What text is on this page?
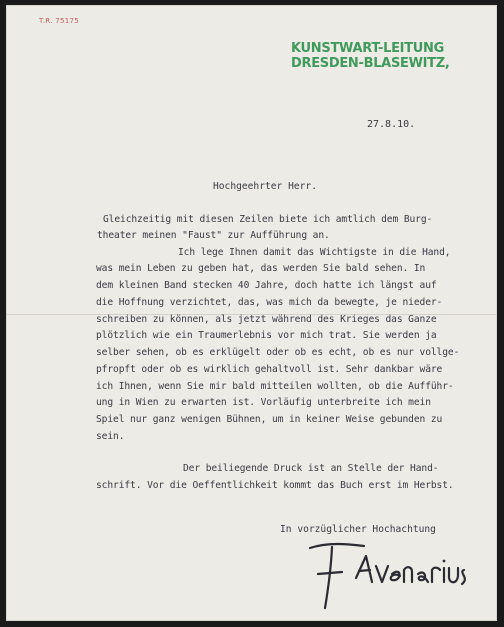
T.R. 75175
KUNSTWART-LEITUNG
DRESDEN-BLASEWITZ,
27.8.10.
Hochgeehrter Herr.
Gleichzeitig mit diesen Zeilen biete ich amtlich dem Burg-
theater meinen "Faust" zur Aufführung an.
Ich lege Ihnen damit das Wichtigste in die Hand,
was mein Leben zu geben hat, das werden Sie bald sehen. In
dem kleinen Band stecken 40 Jahre, doch hatte ich längst auf
die Hoffnung verzichtet, das, was mich da bewegte, je nieder-
schreiben zu können, als jetzt während des Krieges das Ganze
plötzlich wie ein Traumerlebnis vor mich trat. Sie werden ja
selber sehen, ob es erklügelt oder ob es echt, ob es nur vollge-
pfropft oder ob es wirklich gehaltvoll ist. Sehr dankbar wäre
ich Ihnen, wenn Sie mir bald mitteilen wollten, ob die Aufführ-
ung in Wien zu erwarten ist. Vorläufig unterbreite ich mein
Spiel nur ganz wenigen Bühnen, um in keiner Weise gebunden zu
sein.
Der beiliegende Druck ist an Stelle der Hand-
schrift. Vor die Oeffentlichkeit kommt das Buch erst im Herbst.
In vorzüglicher Hochachtung
